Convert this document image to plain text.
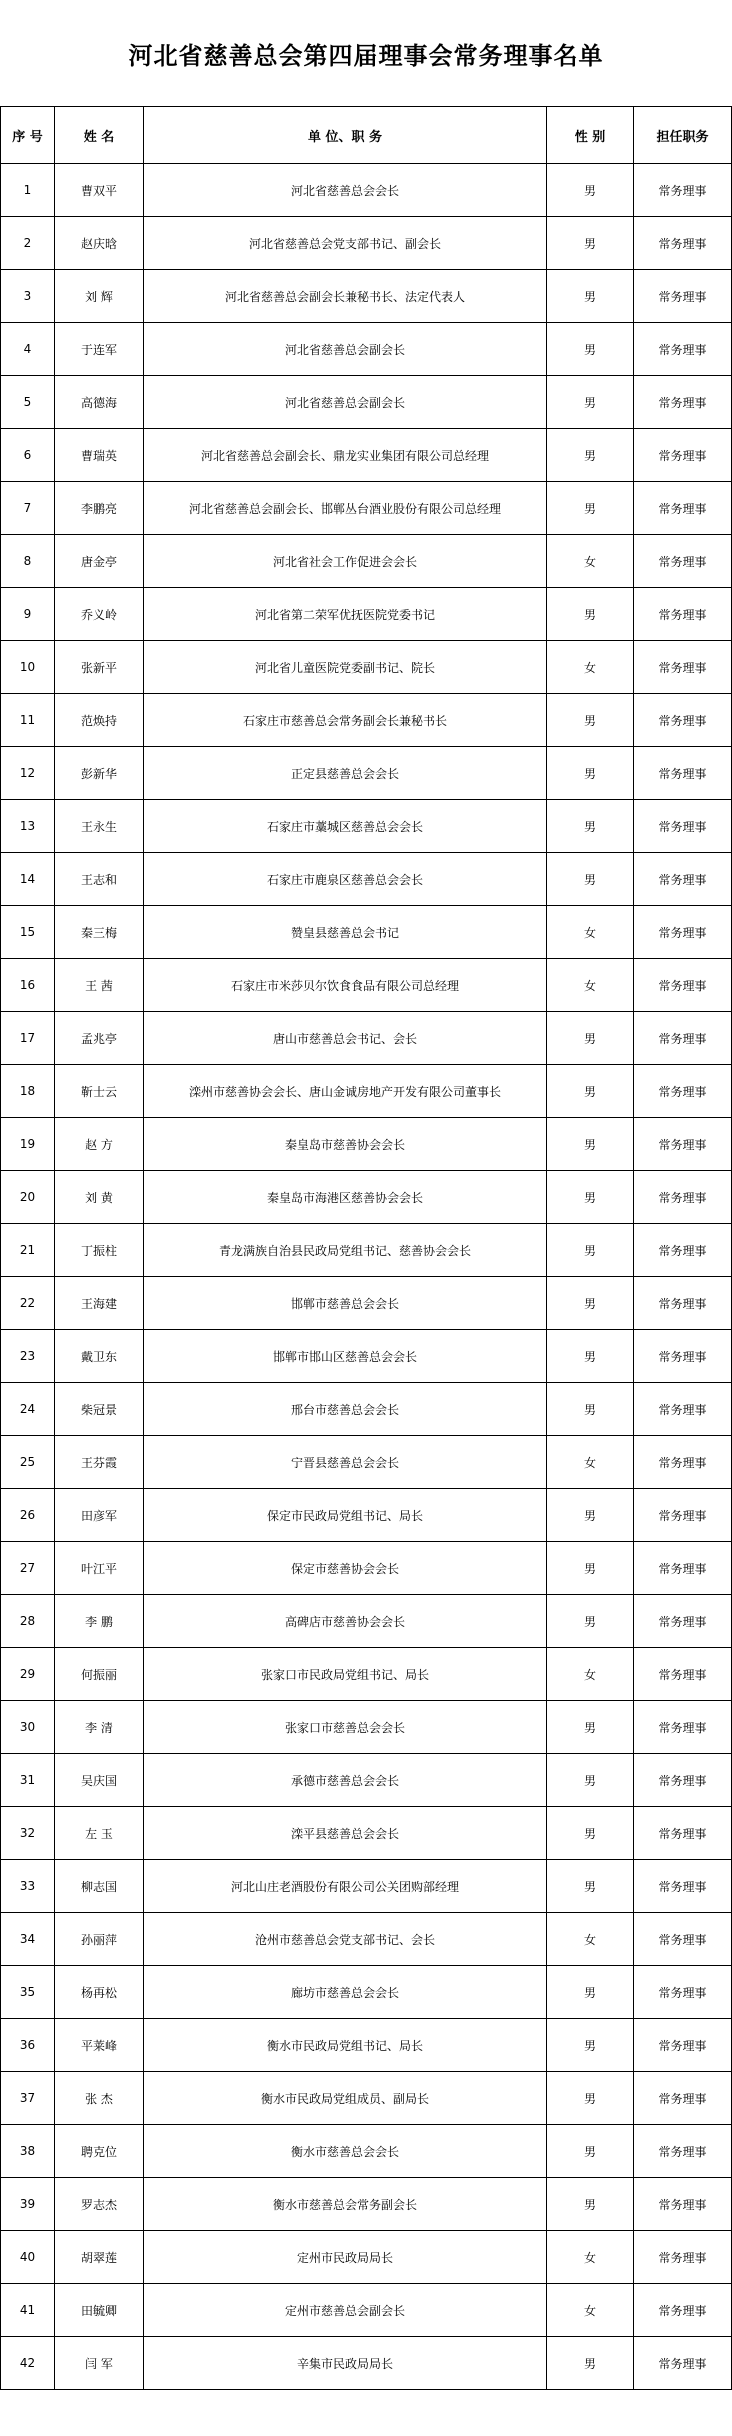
河北省慈善总会第四届理事会常务理事名单
序 号	姓 名	单 位、职 务	性 别	担任职务
1	曹双平	河北省慈善总会会长	男	常务理事
2	赵庆晗	河北省慈善总会党支部书记、副会长	男	常务理事
3	刘 辉	河北省慈善总会副会长兼秘书长、法定代表人	男	常务理事
4	于连军	河北省慈善总会副会长	男	常务理事
5	高德海	河北省慈善总会副会长	男	常务理事
6	曹瑞英	河北省慈善总会副会长、鼎龙实业集团有限公司总经理	男	常务理事
7	李鹏亮	河北省慈善总会副会长、邯郸丛台酒业股份有限公司总经理	男	常务理事
8	唐金亭	河北省社会工作促进会会长	女	常务理事
9	乔义岭	河北省第二荣军优抚医院党委书记	男	常务理事
10	张新平	河北省儿童医院党委副书记、院长	女	常务理事
11	范焕持	石家庄市慈善总会常务副会长兼秘书长	男	常务理事
12	彭新华	正定县慈善总会会长	男	常务理事
13	王永生	石家庄市藁城区慈善总会会长	男	常务理事
14	王志和	石家庄市鹿泉区慈善总会会长	男	常务理事
15	秦三梅	赞皇县慈善总会书记	女	常务理事
16	王 茜	石家庄市米莎贝尔饮食食品有限公司总经理	女	常务理事
17	孟兆亭	唐山市慈善总会书记、会长	男	常务理事
18	靳士云	滦州市慈善协会会长、唐山金诚房地产开发有限公司董事长	男	常务理事
19	赵 方	秦皇岛市慈善协会会长	男	常务理事
20	刘 黄	秦皇岛市海港区慈善协会会长	男	常务理事
21	丁振柱	青龙满族自治县民政局党组书记、慈善协会会长	男	常务理事
22	王海建	邯郸市慈善总会会长	男	常务理事
23	戴卫东	邯郸市邯山区慈善总会会长	男	常务理事
24	柴冠景	邢台市慈善总会会长	男	常务理事
25	王芬霞	宁晋县慈善总会会长	女	常务理事
26	田彦军	保定市民政局党组书记、局长	男	常务理事
27	叶江平	保定市慈善协会会长	男	常务理事
28	李 鹏	高碑店市慈善协会会长	男	常务理事
29	何振丽	张家口市民政局党组书记、局长	女	常务理事
30	李 清	张家口市慈善总会会长	男	常务理事
31	吴庆国	承德市慈善总会会长	男	常务理事
32	左 玉	滦平县慈善总会会长	男	常务理事
33	柳志国	河北山庄老酒股份有限公司公关团购部经理	男	常务理事
34	孙丽萍	沧州市慈善总会党支部书记、会长	女	常务理事
35	杨再松	廊坊市慈善总会会长	男	常务理事
36	平莱峰	衡水市民政局党组书记、局长	男	常务理事
37	张 杰	衡水市民政局党组成员、副局长	男	常务理事
38	聘克位	衡水市慈善总会会长	男	常务理事
39	罗志杰	衡水市慈善总会常务副会长	男	常务理事
40	胡翠莲	定州市民政局局长	女	常务理事
41	田毓卿	定州市慈善总会副会长	女	常务理事
42	闫 军	辛集市民政局局长	男	常务理事
